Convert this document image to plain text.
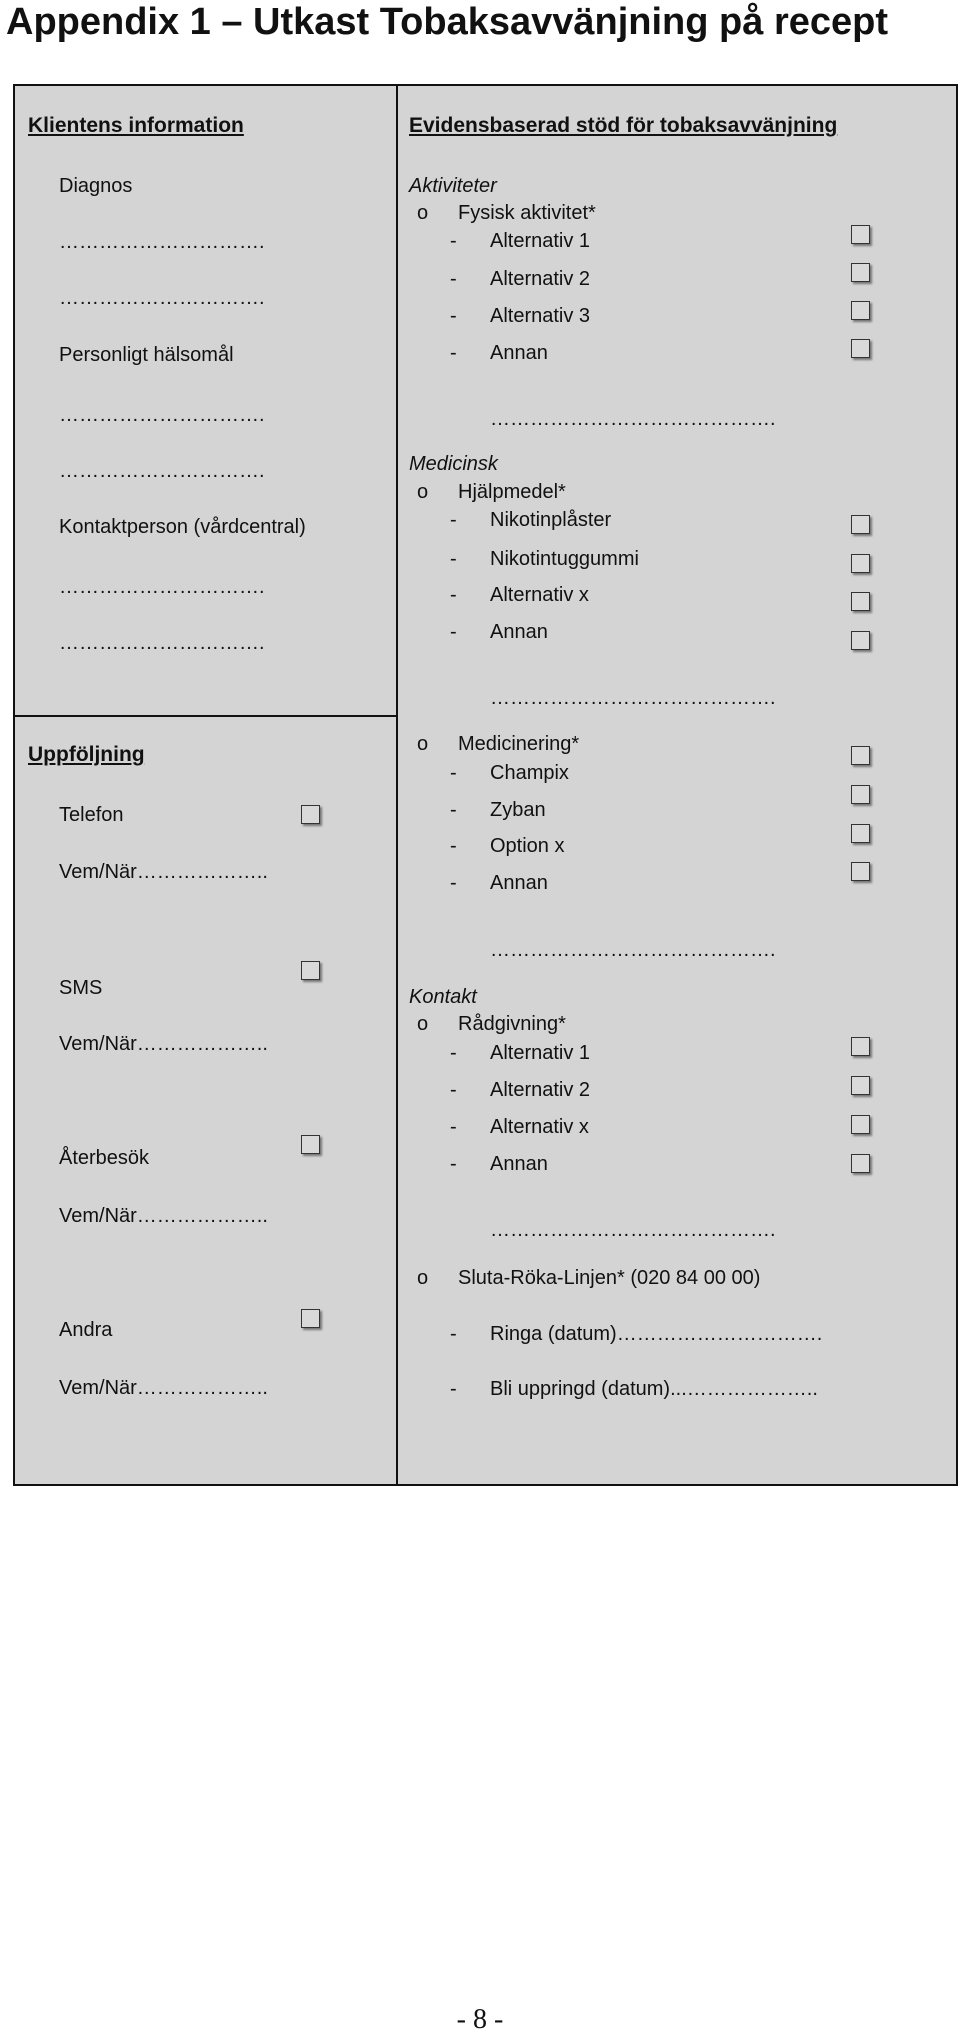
Appendix 1 – Utkast Tobaksavvänjning på recept
Klientens information
Diagnos
………………………….
………………………….
Personligt hälsomål
………………………….
………………………….
Kontaktperson (vårdcentral)
………………………….
………………………….
Uppföljning
Telefon
Vem/När………………..
SMS
Vem/När………………..
Återbesök
Vem/När………………..
Andra
Vem/När………………..
Evidensbaserad stöd för tobaksavvänjning
Aktiviteter
o Fysisk aktivitet*
- Alternativ 1
- Alternativ 2
- Alternativ 3
- Annan
…………………………………….
Medicinsk
o Hjälpmedel*
- Nikotinplåster
- Nikotintuggummi
- Alternativ x
- Annan
…………………………………….
o Medicinering*
- Champix
- Zyban
- Option x
- Annan
…………………………………….
Kontakt
o Rådgivning*
- Alternativ 1
- Alternativ 2
- Alternativ x
- Annan
…………………………………….
o Sluta-Röka-Linjen* (020 84 00 00)
- Ringa (datum)………………………….
- Bli uppringd (datum)...………………..
- 8 -
